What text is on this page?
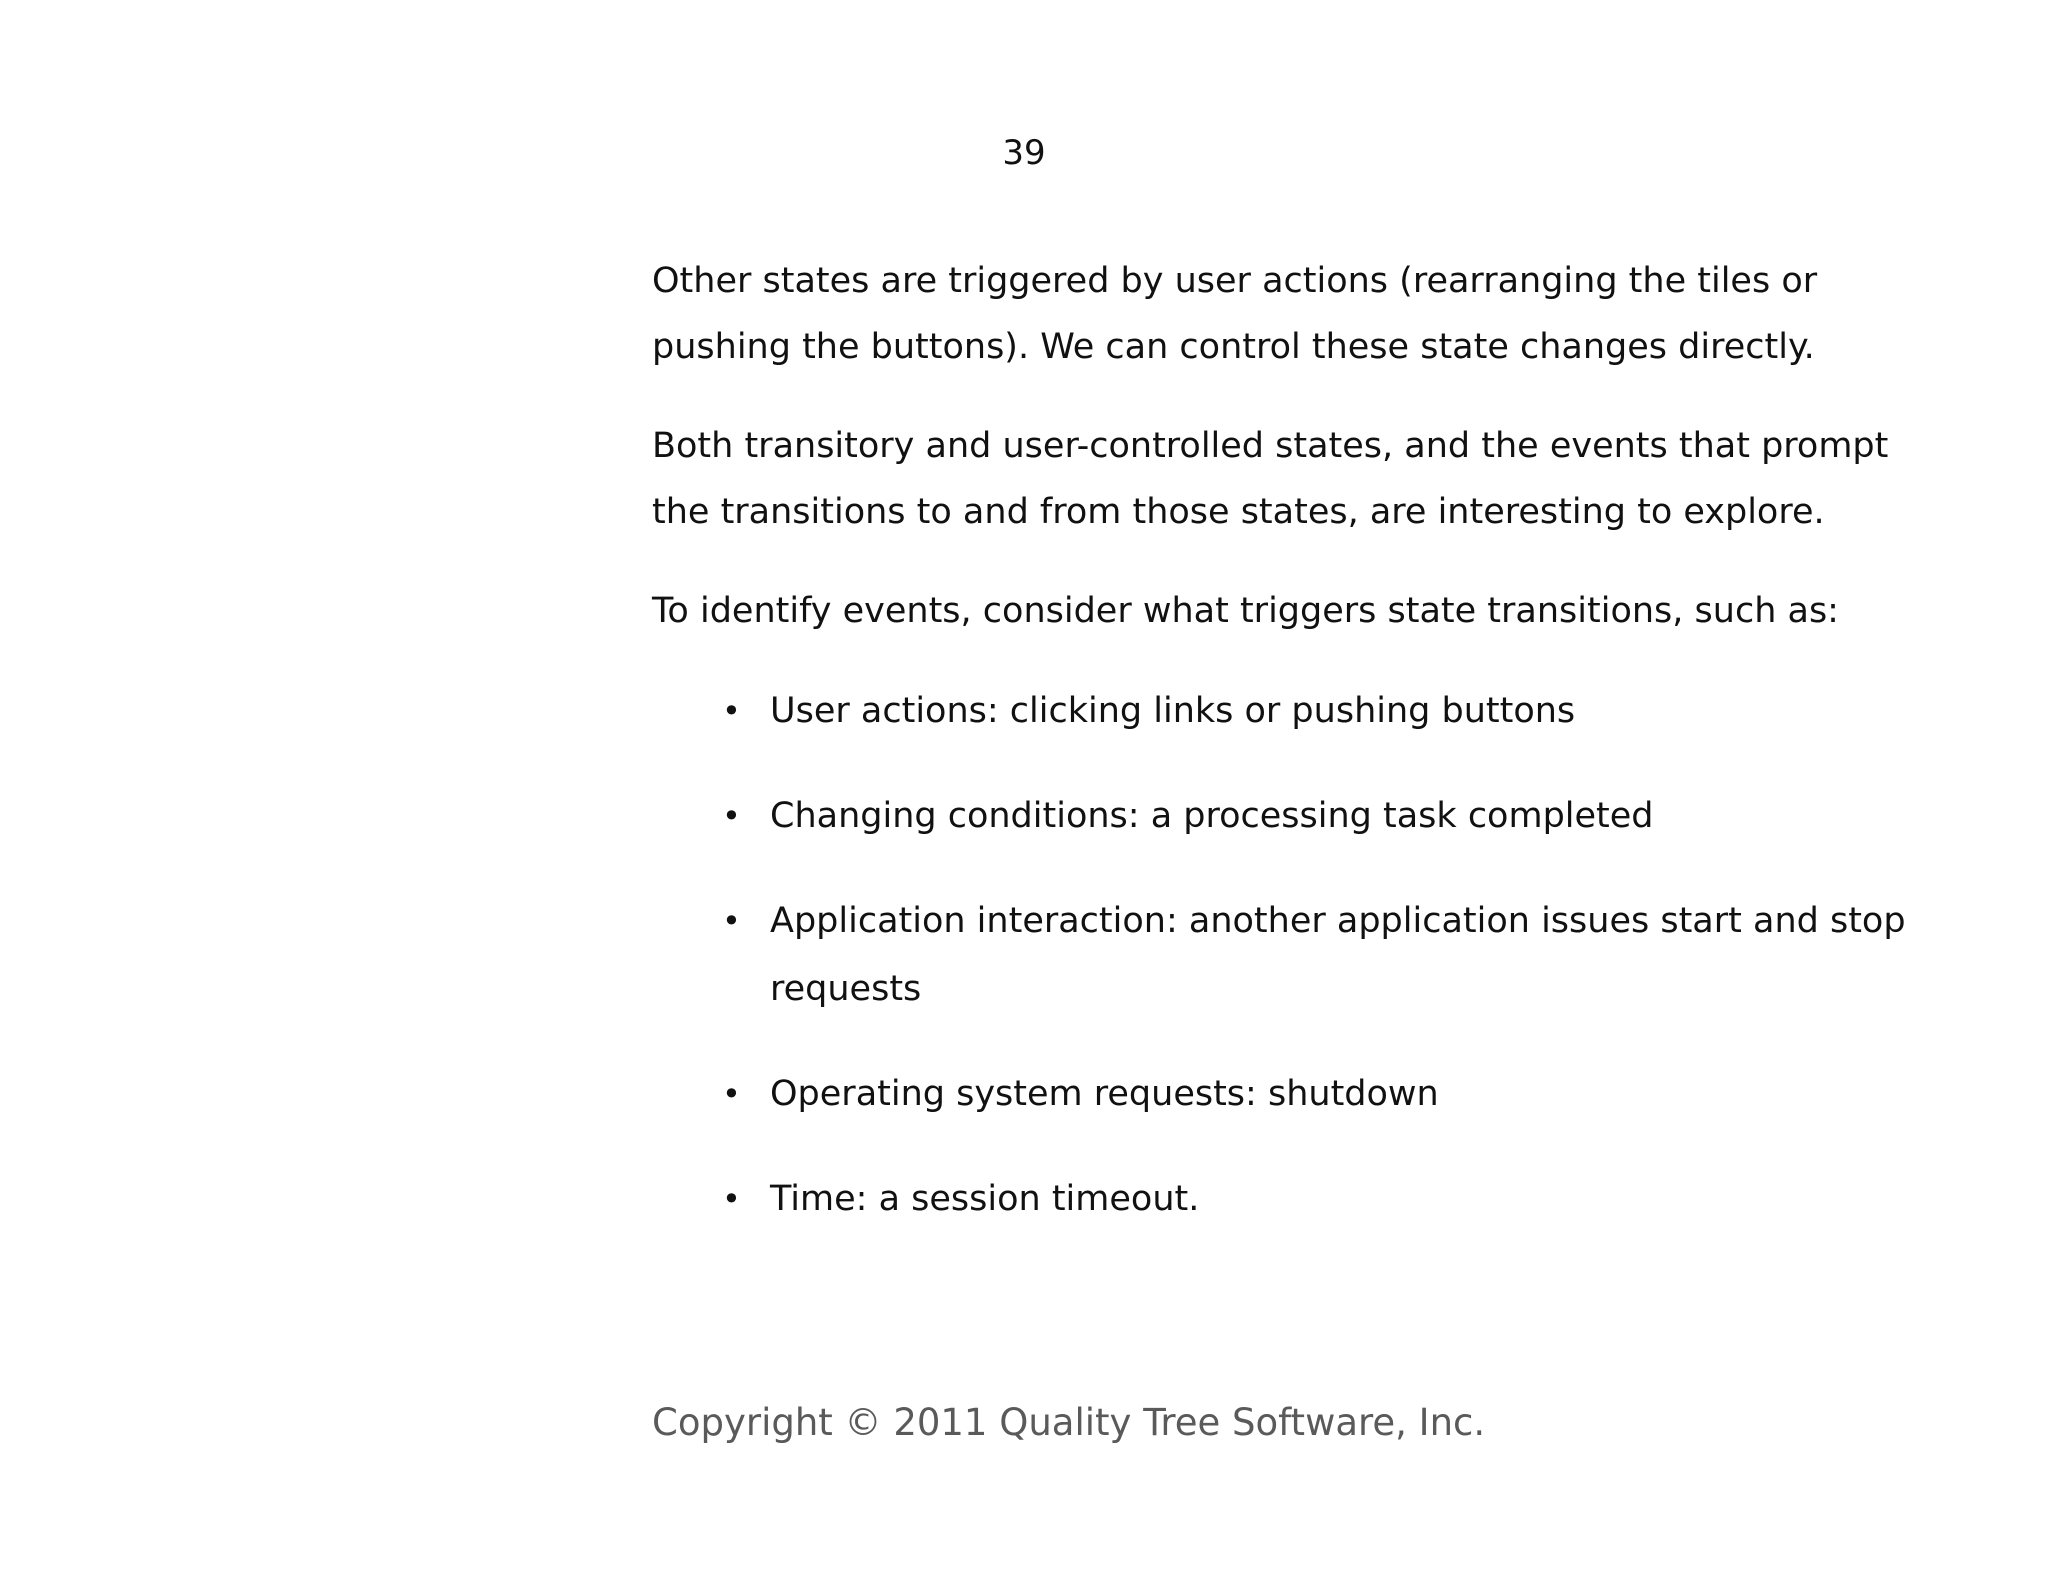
39

Other states are triggered by user actions (rearranging the tiles or pushing the buttons). We can control these state changes directly.

Both transitory and user-controlled states, and the events that prompt the transitions to and from those states, are interesting to explore.

To identify events, consider what triggers state transitions, such as:

• User actions: clicking links or pushing buttons
• Changing conditions: a processing task completed
• Application interaction: another application issues start and stop requests
• Operating system requests: shutdown
• Time: a session timeout.
Copyright © 2011 Quality Tree Software, Inc.
